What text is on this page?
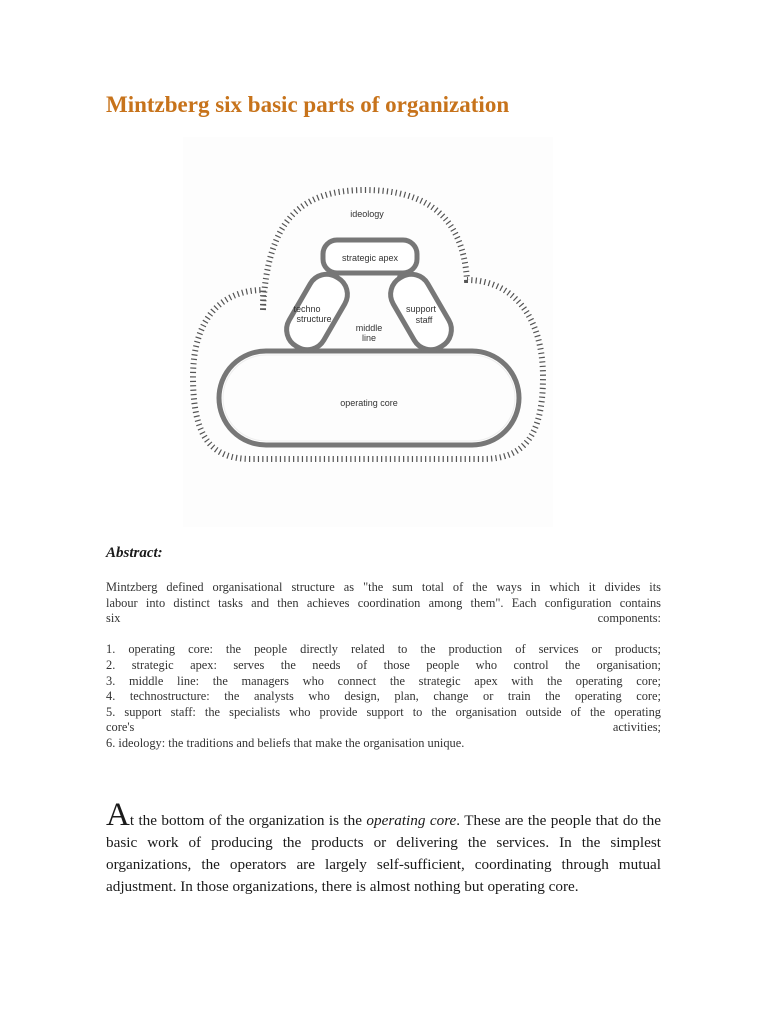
Mintzberg six basic parts of organization
ideology
strategic apex
techno
structure
support
staff
middle
line
operating core
Abstract:

Mintzberg defined organisational structure as "the sum total of the ways in which it divides its

labour into distinct tasks and then achieves coordination among them". Each configuration contains

six components:

1. operating core: the people directly related to the production of services or products;

2. strategic apex: serves the needs of those people who control the organisation;

3. middle line: the managers who connect the strategic apex with the operating core;

4. technostructure: the analysts who design, plan, change or train the operating core;

5. support staff: the specialists who provide support to the organisation outside of the operating

core's activities;

6. ideology: the traditions and beliefs that make the organisation unique.

At the bottom of the organization is the operating core. These are the people that do the basic work of producing the products or delivering the services. In the simplest organizations, the operators are largely self-sufficient, coordinating through mutual adjustment. In those organizations, there is almost nothing but operating core.
